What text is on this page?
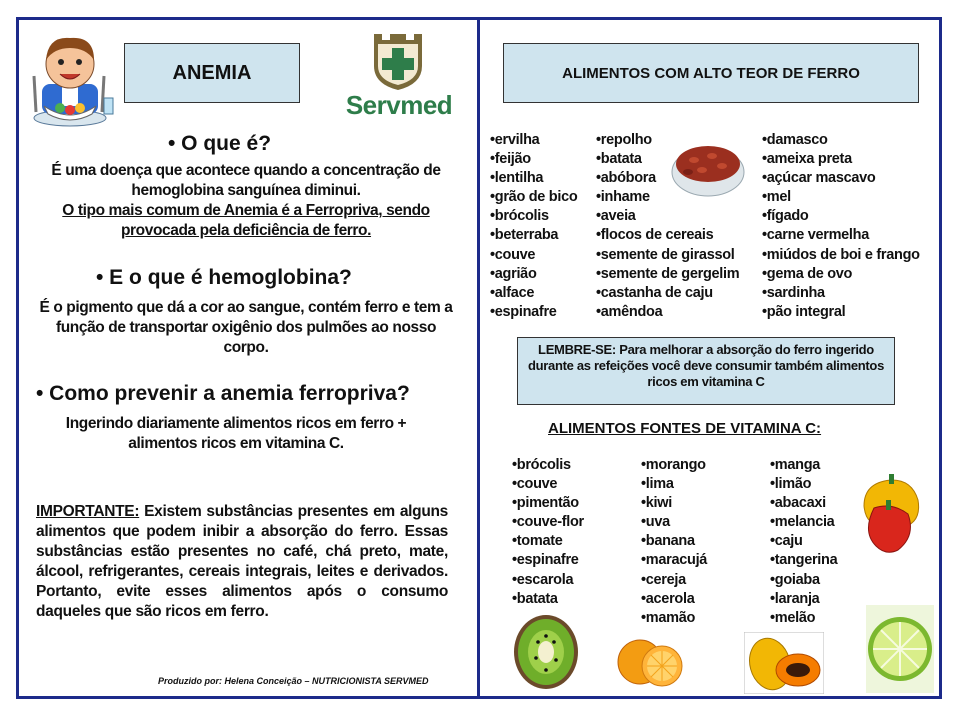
ANEMIA
Servmed
• O que é?
É uma doença que acontece quando a concentração de hemoglobina sanguínea diminui.
O tipo mais comum de Anemia é a Ferropriva, sendo provocada pela deficiência de ferro.
• E o que é hemoglobina?
É o pigmento que dá a cor ao sangue, contém ferro e tem a função de transportar oxigênio dos pulmões ao nosso corpo.
• Como prevenir a anemia ferropriva?
Ingerindo diariamente alimentos ricos em ferro + alimentos ricos em vitamina C.
IMPORTANTE: Existem substâncias presentes em alguns alimentos que podem inibir a absorção do ferro. Essas substâncias estão presentes no café, chá preto, mate, álcool, refrigerantes, cereais integrais, leites e derivados. Portanto, evite esses alimentos após o consumo daqueles que são ricos em ferro.
Produzido por: Helena Conceição – NUTRICIONISTA SERVMED
ALIMENTOS COM ALTO TEOR DE FERRO
• ervilha
• feijão
• lentilha
• grão de bico
• brócolis
• beterraba
• couve
• agrião
• alface
• espinafre
• repolho
• batata
• abóbora
• inhame
• aveia
• flocos de cereais
• semente de girassol
• semente de gergelim
• castanha de caju
• amêndoa
• damasco
• ameixa preta
• açúcar mascavo
• mel
• fígado
• carne vermelha
• miúdos de boi e frango
• gema de ovo
• sardinha
• pão integral
LEMBRE-SE: Para melhorar a absorção do ferro ingerido durante as refeições você deve consumir também alimentos ricos em vitamina C
ALIMENTOS FONTES DE VITAMINA C:
• brócolis
• couve
• pimentão
• couve-flor
• tomate
• espinafre
• escarola
• batata
• morango
• lima
• kiwi
• uva
• banana
• maracujá
• cereja
• acerola
• mamão
• manga
• limão
• abacaxi
• melancia
• caju
• tangerina
• goiaba
• laranja
• melão
